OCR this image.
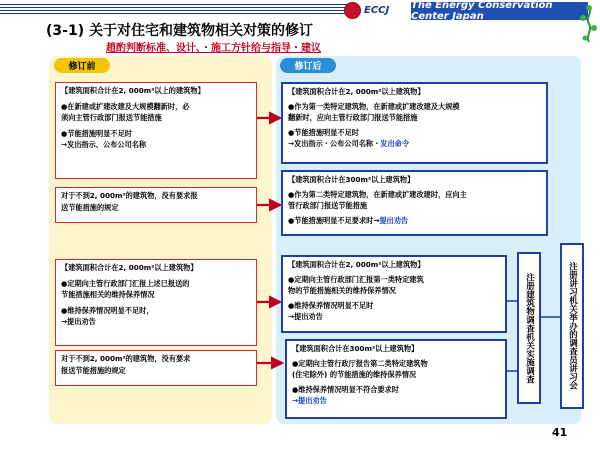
ECCJ The Energy Conservation Center Japan
(3-1) 关于对住宅和建筑物相关对策的修订
趙酌判断标准、设计、・施工方针给与指导・建议
修订前	修订后
【建筑面积合计在2, 000m²以上的建筑物】
●在新建或扩建改建及大规模翻新时，必
须向主管行政部门报送节能措施
●节能措施明显不足时
→发出指示、公布公司名称
对于不到2, 000m²的建筑物，没有要求报
送节能措施的规定
【建筑面积合计在2, 000m²以上建筑物】
●定期向主管行政部门汇报上述已报送的
节能措施相关的维持保养情况
●维持保养情况明显不足时，
→提出劝告
对于不到2, 000m²的建筑物，没有要求
报送节能措施的规定
【建筑面积合计在2, 000m²以上建筑物】
●作为第一类特定建筑物，在新建或扩建改建及大规模
翻新时，应向主管行政部门报送节能措施
●节能措施明显不足时
→发出指示・公布公司名称・发出命令
【建筑面积合计在300m²以上建筑物】
●作为第二类特定建筑物，在新建或扩建改建时，应向主
管行政部门报送节能措施
●节能措施明显不足要求时→提出劝告
【建筑面积合计在2, 000m²以上建筑物】
●定期向主管行政部门汇报第一类特定建筑
物的节能措施相关的维持保养情况
●维持保养情况明显不足时
→提出劝告
【建筑面积合计在300m²以上建筑物】
●定期向主管行政厅报告第二类特定建筑物
(住宅除外) 的节能措施的维持保养情况
●维持保养情况明显不符合要求时
→提出劝告
注册建筑物调查机关实施调查	注册讲习机关举办的调查员讲习会
41
